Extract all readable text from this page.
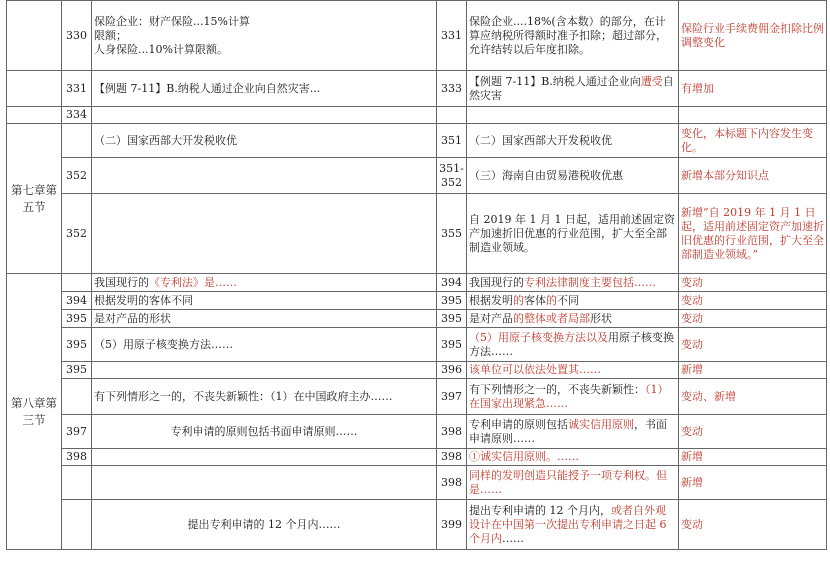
	330	保险企业：财产保险...15%计算
限额；
人身保险...10%计算限额。	331	保险企业....18%(含本数）的部分，在计算应纳税所得额时准予扣除；超过部分，允许结转以后年度扣除。	保险行业手续费佣金扣除比例调整变化
	331	【例题 7-11】B.纳税人通过企业向自然灾害...	333	【例题 7-11】B.纳税人通过企业向遭受自然灾害	有增加
	334				
第七章第五节		（二）国家西部大开发税收优	351	（二）国家西部大开发税收优	变化，本标题下内容发生变化。
	352		351-352	（三）海南自由贸易港税收优惠	新增本部分知识点
	352		355	自 2019 年 1 月 1 日起，适用前述固定资产加速折旧优惠的行业范围，扩大至全部制造业领域。	新增“自 2019 年 1 月 1 日起，适用前述固定资产加速折旧优惠的行业范围，扩大至全部制造业领域。”
第八章第三节		我国现行的《专利法》是……	394	我国现行的专利法律制度主要包括……	变动
	394	根据发明的客体不同	395	根据发明的客体的不同	变动
	395	是对产品的形状	395	是对产品的整体或者局部形状	变动
	395	（5）用原子核变换方法……	395	（5）用原子核变换方法以及用原子核变换方法……	变动
	395		396	该单位可以依法处置其……	新增
		有下列情形之一的，不丧失新颖性：（1）在中国政府主办……	397	有下列情形之一的，不丧失新颖性：（1）在国家出现紧急……	变动、新增
	397	专利申请的原则包括书面申请原则……	398	专利申请的原则包括诚实信用原则，书面申请原则……	变动
	398		398	①诚实信用原则。……	新增
			398	同样的发明创造只能授予一项专利权。但是……	新增
		提出专利申请的 12 个月内……	399	提出专利申请的 12 个月内，或者自外观设计在中国第一次提出专利申请之日起 6 个月内……	变动
